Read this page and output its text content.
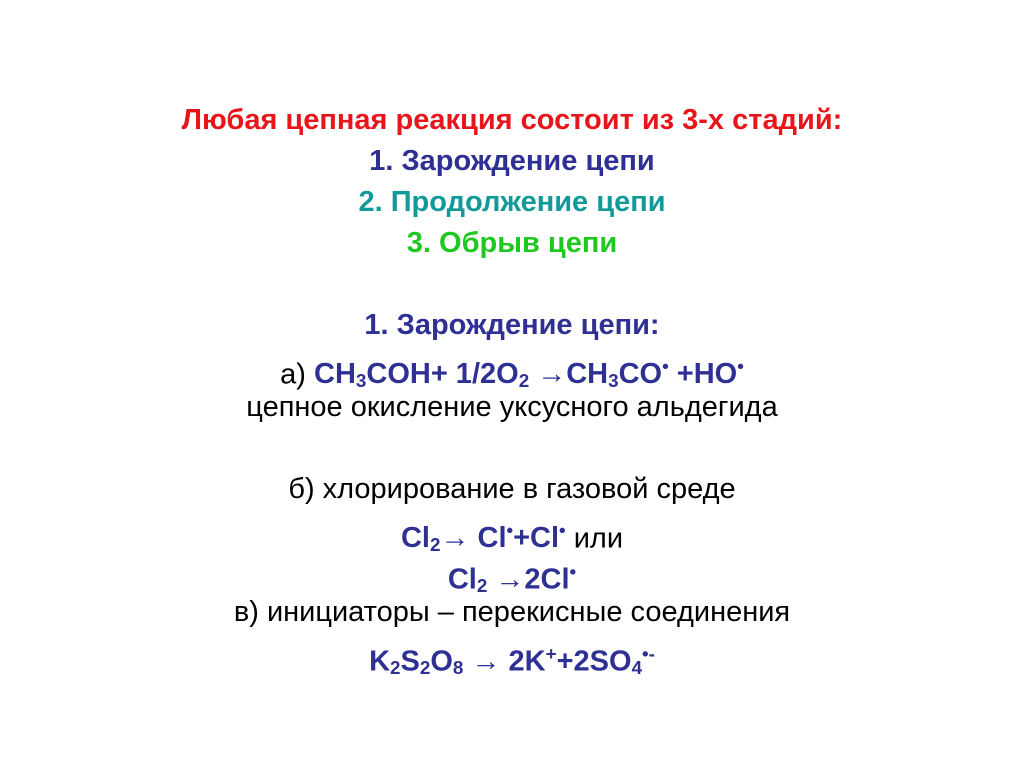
Любая цепная реакция состоит из 3-х стадий:
1. Зарождение цепи
2. Продолжение цепи
3. Обрыв цепи
1. Зарождение цепи:
а) CH3COH+ 1/2O2 →CH3CO• +HO•
цепное окисление уксусного альдегида
б) хлорирование в газовой среде
Cl2→ Cl•+Cl• или
Cl2 →2Cl•
в) инициаторы – перекисные соединения
K2S2O8 → 2K++2SO4•-
